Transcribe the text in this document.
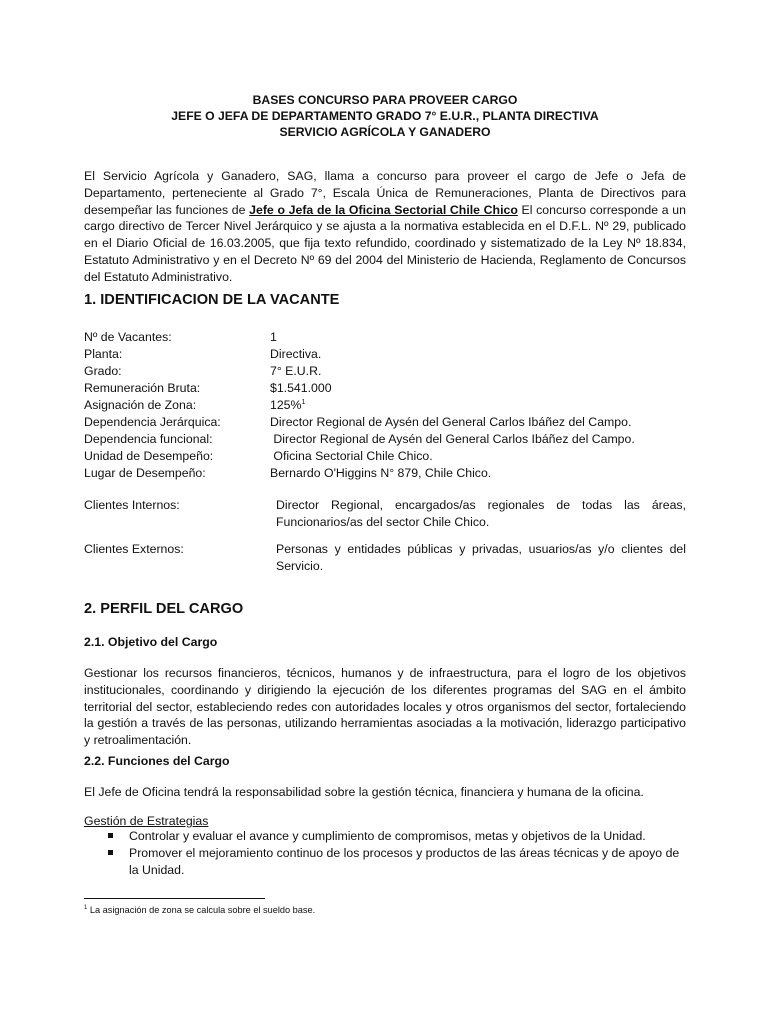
BASES CONCURSO PARA PROVEER CARGO
JEFE O JEFA DE DEPARTAMENTO GRADO 7° E.U.R., PLANTA DIRECTIVA
SERVICIO AGRÍCOLA Y GANADERO

El Servicio Agrícola y Ganadero, SAG, llama a concurso para proveer el cargo de Jefe o Jefa de Departamento, perteneciente al Grado 7°, Escala Única de Remuneraciones, Planta de Directivos para desempeñar las funciones de Jefe o Jefa de la Oficina Sectorial Chile Chico El concurso corresponde a un cargo directivo de Tercer Nivel Jerárquico y se ajusta a la normativa establecida en el D.F.L. Nº 29, publicado en el Diario Oficial de 16.03.2005, que fija texto refundido, coordinado y sistematizado de la Ley Nº 18.834, Estatuto Administrativo y en el Decreto Nº 69 del 2004 del Ministerio de Hacienda, Reglamento de Concursos del Estatuto Administrativo.

1. IDENTIFICACION DE LA VACANTE
Nº de Vacantes:	1
Planta:	Directiva.
Grado:	7° E.U.R.
Remuneración Bruta:	$1.541.000
Asignación de Zona:	125%$^1$
Dependencia Jerárquica:	Director Regional de Aysén del General Carlos Ibáñez del Campo.
Dependencia funcional:	Director Regional de Aysén del General Carlos Ibáñez del Campo.
Unidad de Desempeño:	Oficina Sectorial Chile Chico.
Lugar de Desempeño:	Bernardo O'Higgins N° 879, Chile Chico.
Clientes Internos:	Director Regional, encargados/as regionales de todas las áreas, Funcionarios/as del sector Chile Chico.
Clientes Externos:	Personas y entidades públicas y privadas, usuarios/as y/o clientes del Servicio.
2. PERFIL DEL CARGO
2.1. Objetivo del Cargo

Gestionar los recursos financieros, técnicos, humanos y de infraestructura, para el logro de los objetivos institucionales, coordinando y dirigiendo la ejecución de los diferentes programas del SAG en el ámbito territorial del sector, estableciendo redes con autoridades locales y otros organismos del sector, fortaleciendo la gestión a través de las personas, utilizando herramientas asociadas a la motivación, liderazgo participativo y retroalimentación.

2.2. Funciones del Cargo

El Jefe de Oficina tendrá la responsabilidad sobre la gestión técnica, financiera y humana de la oficina.

Gestión de Estrategias
Controlar y evaluar el avance y cumplimiento de compromisos, metas y objetivos de la Unidad.
Promover el mejoramiento continuo de los procesos y productos de las áreas técnicas y de apoyo de la Unidad.
$^1$ La asignación de zona se calcula sobre el sueldo base.
